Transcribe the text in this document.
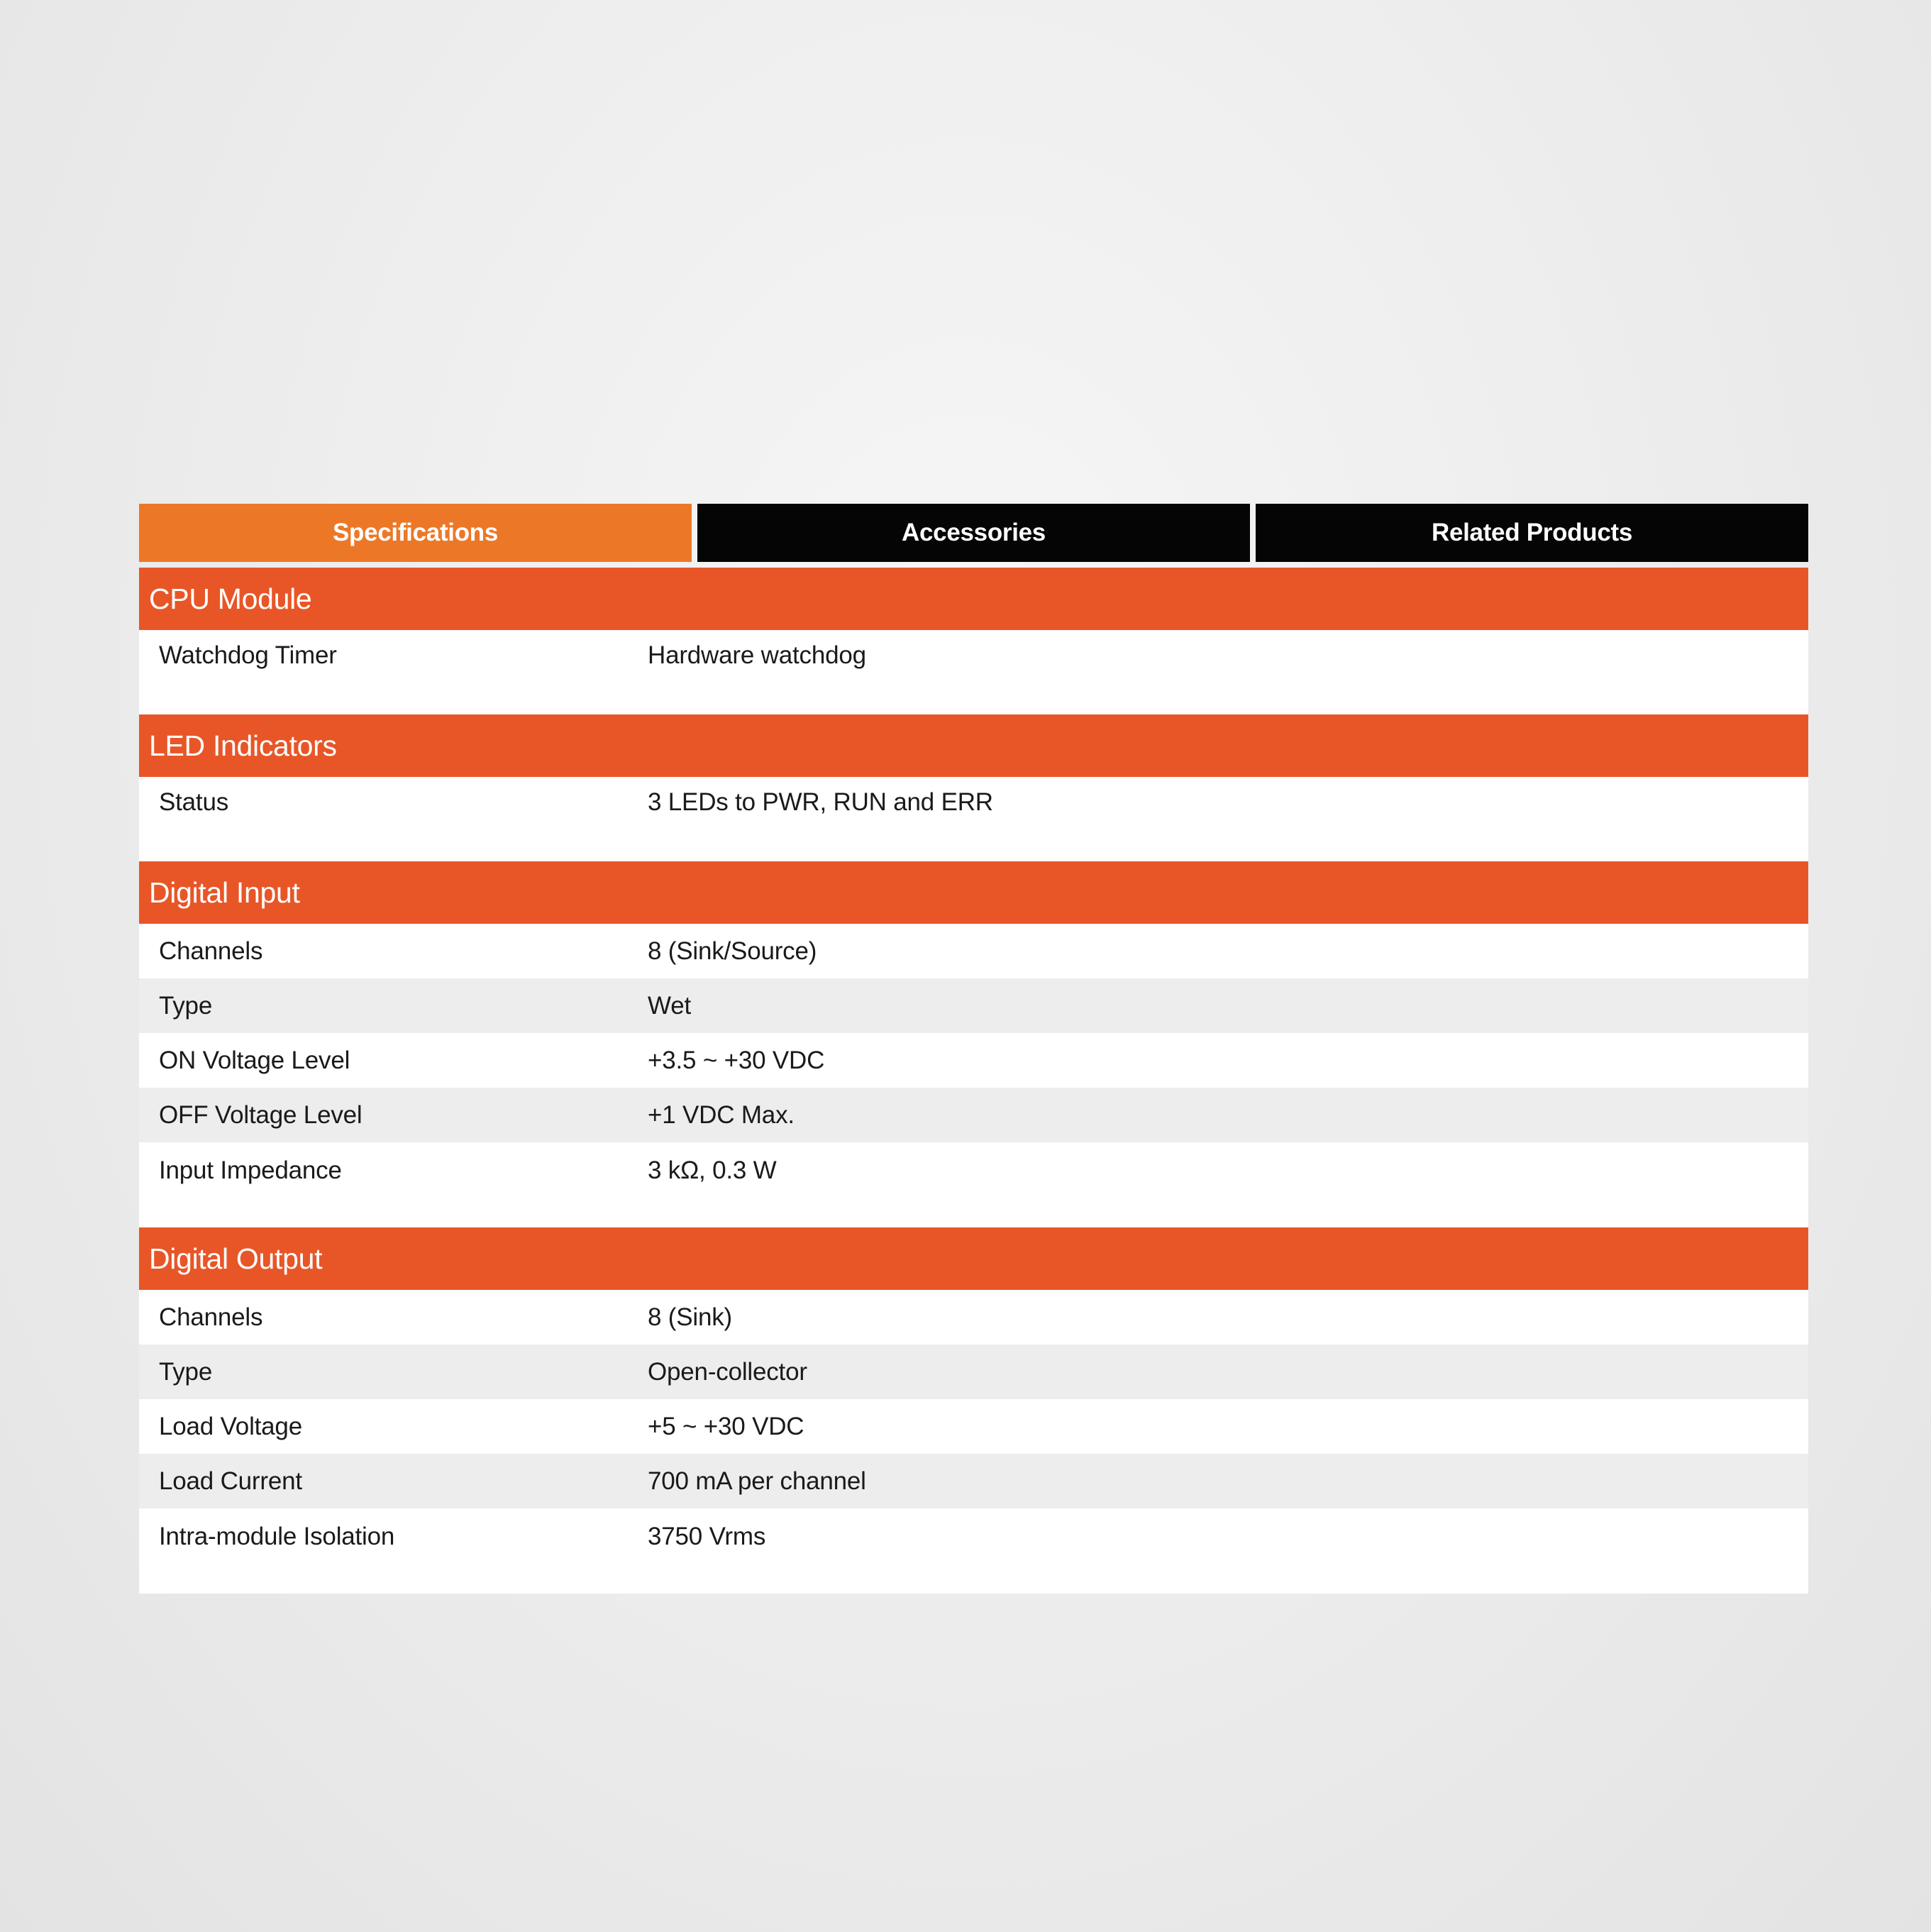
Specifications	Accessories	Related Products
CPU Module
Watchdog Timer	Hardware watchdog
LED Indicators
Status	3 LEDs to PWR, RUN and ERR
Digital Input
Channels	8 (Sink/Source)
Type	Wet
ON Voltage Level	+3.5 ~ +30 VDC
OFF Voltage Level	+1 VDC Max.
Input Impedance	3 kΩ, 0.3 W
Digital Output
Channels	8 (Sink)
Type	Open-collector
Load Voltage	+5 ~ +30 VDC
Load Current	700 mA per channel
Intra-module Isolation	3750 Vrms
